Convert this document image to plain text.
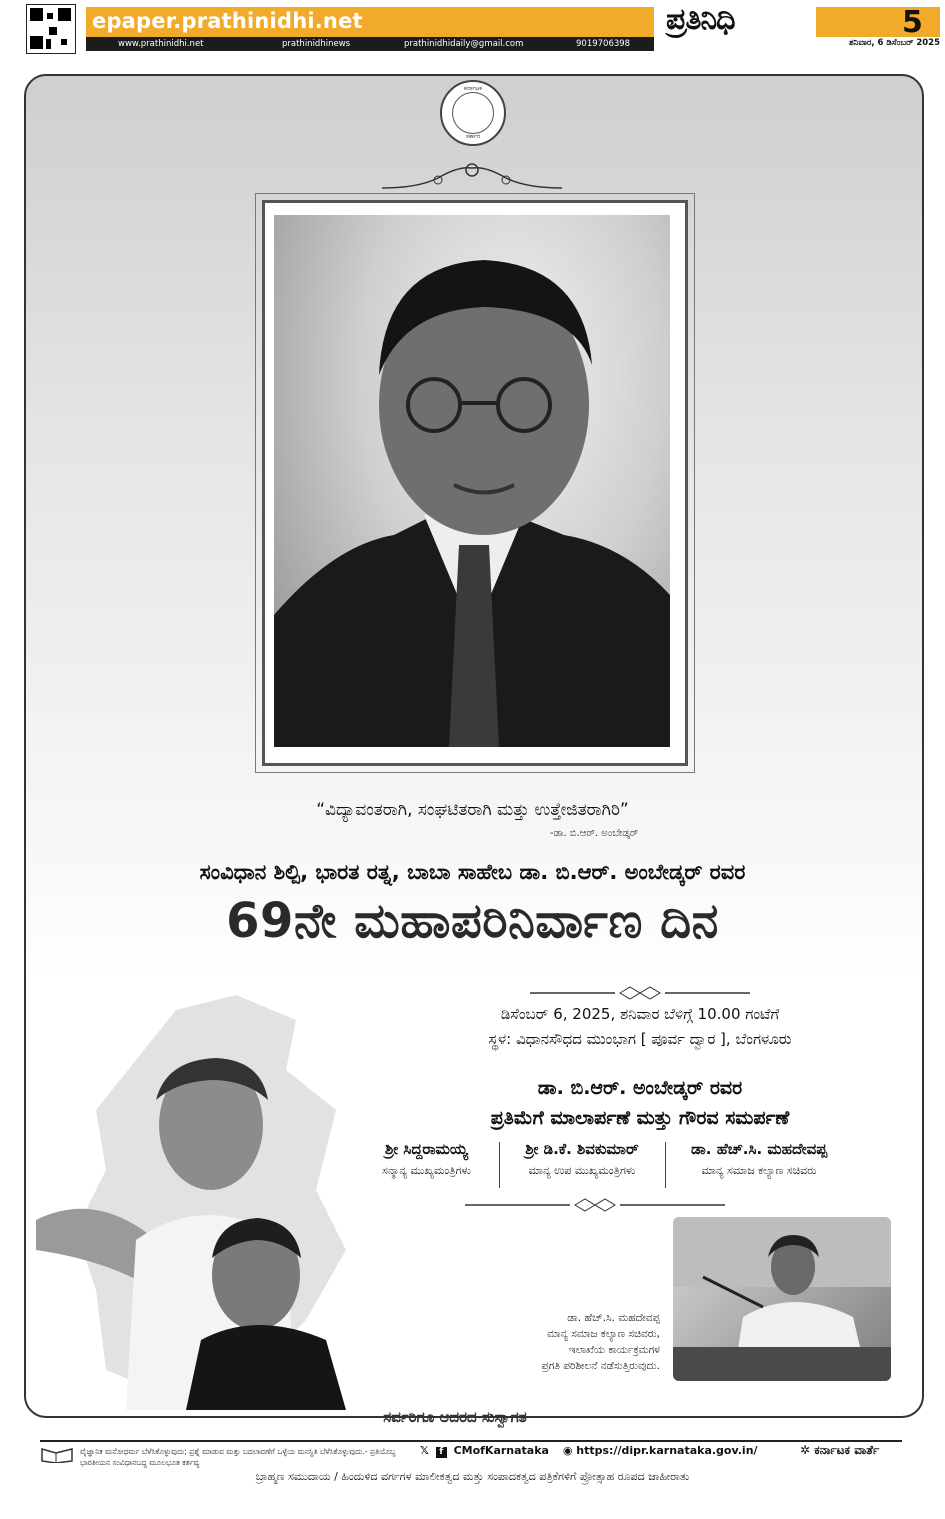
epaper.prathinidhi.net
www.prathinidhi.net	prathinidhinews	prathinidhidaily@gmail.com	9019706398
ಪ್ರತಿನಿಧಿ	5
ಶನಿವಾರ, 6 ಡಿಸೆಂಬರ್ 2025
ಕರ್ನಾಟಕ
ಸರ್ಕಾರ
“ವಿದ್ಯಾವಂತರಾಗಿ, ಸಂಘಟಿತರಾಗಿ ಮತ್ತು ಉತ್ತೇಜಿತರಾಗಿರಿ”
-ಡಾ. ಬಿ.ಆರ್. ಅಂಬೇಡ್ಕರ್
ಸಂವಿಧಾನ ಶಿಲ್ಪಿ, ಭಾರತ ರತ್ನ, ಬಾಬಾ ಸಾಹೇಬ ಡಾ. ಬಿ.ಆರ್. ಅಂಬೇಡ್ಕರ್ ರವರ
69ನೇ ಮಹಾಪರಿನಿರ್ವಾಣ ದಿನ
ಡಿಸೆಂಬರ್ 6, 2025, ಶನಿವಾರ ಬೆಳಿಗ್ಗೆ 10.00 ಗಂಟೆಗೆ
ಸ್ಥಳ: ವಿಧಾನಸೌಧದ ಮುಂಭಾಗ [ ಪೂರ್ವ ದ್ವಾರ ], ಬೆಂಗಳೂರು
ಡಾ. ಬಿ.ಆರ್. ಅಂಬೇಡ್ಕರ್ ರವರ
ಪ್ರತಿಮೆಗೆ ಮಾಲಾರ್ಪಣೆ ಮತ್ತು ಗೌರವ ಸಮರ್ಪಣೆ
ಶ್ರೀ ಸಿದ್ದರಾಮಯ್ಯ
ಸನ್ಮಾನ್ಯ ಮುಖ್ಯಮಂತ್ರಿಗಳು
ಶ್ರೀ ಡಿ.ಕೆ. ಶಿವಕುಮಾರ್
ಮಾನ್ಯ ಉಪ ಮುಖ್ಯಮಂತ್ರಿಗಳು
ಡಾ. ಹೆಚ್.ಸಿ. ಮಹದೇವಪ್ಪ
ಮಾನ್ಯ ಸಮಾಜ ಕಲ್ಯಾಣ ಸಚಿವರು
ಡಾ. ಹೆಚ್.ಸಿ. ಮಹದೇವಪ್ಪ
ಮಾನ್ಯ ಸಮಾಜ ಕಲ್ಯಾಣ ಸಚಿವರು,
ಇಲಾಖೆಯ ಕಾರ್ಯಕ್ರಮಗಳ
ಪ್ರಗತಿ ಪರಿಶೀಲನೆ ನಡೆಸುತ್ತಿರುವುದು.
ಸರ್ವರಿಗೂ ಆದರದ ಸುಸ್ವಾಗತ
ವೈಜ್ಞಾನಿಕ ಮನೋಧರ್ಮ ಬೆಳೆಸಿಕೊಳ್ಳುವುದು; ಪ್ರಶ್ನೆ ಮಾಡುವ ಮತ್ತು ಬದಲಾವಣೆಗೆ ಒಳ್ಳೆಯ ಮನಸ್ಥಿತಿ ಬೆಳೆಸಿಕೊಳ್ಳುವುದು.- ಪ್ರತಿಯೊಬ್ಬ ಭಾರತೀಯನ ಸಂವಿಧಾನಬದ್ಧ ಮೂಲಭೂತ ಕರ್ತವ್ಯ
𝕏 f CMofKarnataka ◉ https://dipr.karnataka.gov.in/	✲ ಕರ್ನಾಟಕ ವಾರ್ತೆ
ಬ್ರಾಹ್ಮಣ ಸಮುದಾಯ / ಹಿಂದುಳಿದ ವರ್ಗಗಳ ಮಾಲೀಕತ್ವದ ಮತ್ತು ಸಂಪಾದಕತ್ವದ ಪತ್ರಿಕೆಗಳಿಗೆ ಪ್ರೋತ್ಸಾಹ ರೂಪದ ಜಾಹೀರಾತು
